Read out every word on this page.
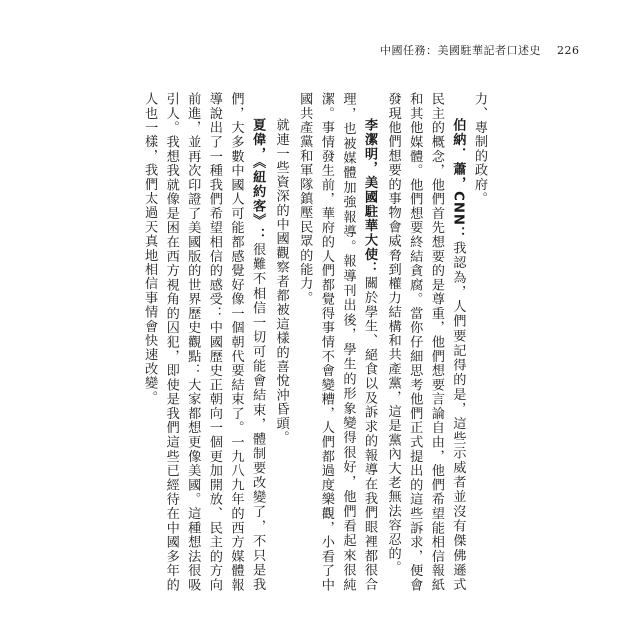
中國任務：美國駐華記者口述史 226

力、專制的政府。

伯納．蕭，CNN：我認為，人們要記得的是，這些示威者並沒有傑佛遜式民主的概念，他們首先想要的是尊重，他們想要言論自由，他們希望能相信報紙和其他媒體。他們想要終結貪腐。當你仔細思考他們正式提出的這些訴求，便會發現他們想要的事物會威脅到權力結構和共產黨，這是黨內大老無法容忍的。

李潔明，美國駐華大使：關於學生、絕食以及訴求的報導在我們眼裡都很合理，也被媒體加強報導。報導刊出後，學生的形象變得很好，他們看起來很純潔。事情發生前，華府的人們都覺得事情不會變糟，人們都過度樂觀，小看了中國共產黨和軍隊鎮壓民眾的能力。

就連一些資深的中國觀察者都被這樣的喜悅沖昏頭。

夏偉，《紐約客》：很難不相信一切可能會結束，體制要改變了，不只是我們，大多數中國人可能都感覺好像一個朝代要結束了。一九八九年的西方媒體報導說出了一種我們希望相信的感受：中國歷史正朝向一個更加開放、民主的方向前進，並再次印證了美國版的世界歷史觀點：大家都想更像美國。這種想法很吸引人。我想我就像是困在西方視角的囚犯，即使是我們這些已經待在中國多年的人也一樣，我們太過天真地相信事情會快速改變。
